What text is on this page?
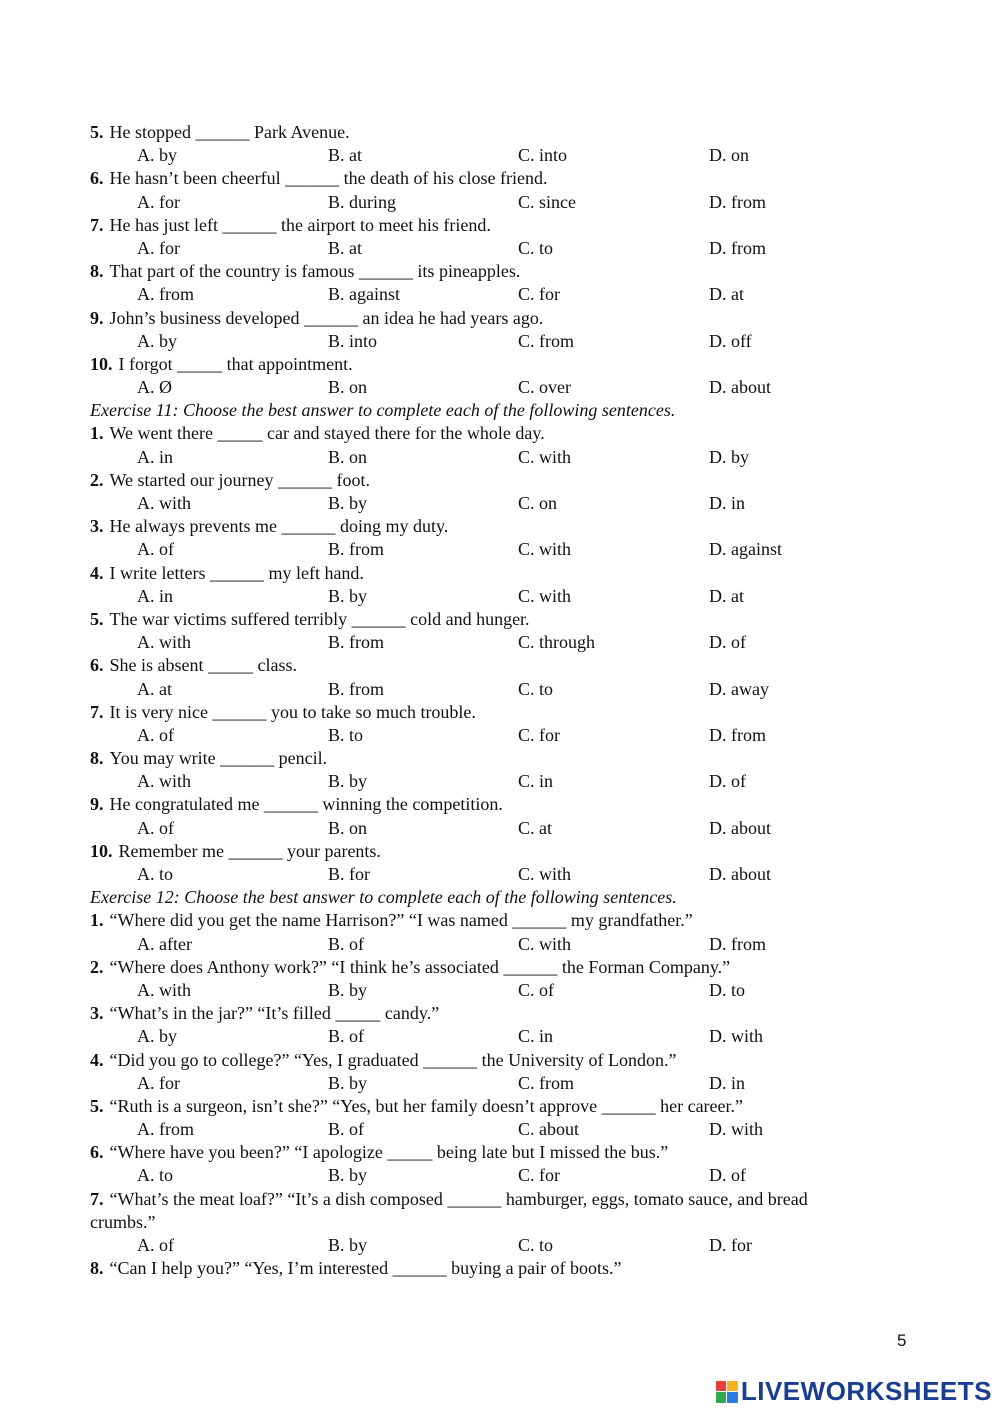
5. He stopped ______ Park Avenue.
A. by	B. at	C. into	D. on
6. He hasn’t been cheerful ______ the death of his close friend.
A. for	B. during	C. since	D. from
7. He has just left ______ the airport to meet his friend.
A. for	B. at	C. to	D. from
8. That part of the country is famous ______ its pineapples.
A. from	B. against	C. for	D. at
9. John’s business developed ______ an idea he had years ago.
A. by	B. into	C. from	D. off
10. I forgot _____ that appointment.
A. Ø	B. on	C. over	D. about
Exercise 11: Choose the best answer to complete each of the following sentences.
1. We went there _____ car and stayed there for the whole day.
A. in	B. on	C. with	D. by
2. We started our journey ______ foot.
A. with	B. by	C. on	D. in
3. He always prevents me ______ doing my duty.
A. of	B. from	C. with	D. against
4. I write letters ______ my left hand.
A. in	B. by	C. with	D. at
5. The war victims suffered terribly ______ cold and hunger.
A. with	B. from	C. through	D. of
6. She is absent _____ class.
A. at	B. from	C. to	D. away
7. It is very nice ______ you to take so much trouble.
A. of	B. to	C. for	D. from
8. You may write ______ pencil.
A. with	B. by	C. in	D. of
9. He congratulated me ______ winning the competition.
A. of	B. on	C. at	D. about
10. Remember me ______ your parents.
A. to	B. for	C. with	D. about
Exercise 12: Choose the best answer to complete each of the following sentences.
1. “Where did you get the name Harrison?” “I was named ______ my grandfather.”
A. after	B. of	C. with	D. from
2. “Where does Anthony work?” “I think he’s associated ______ the Forman Company.”
A. with	B. by	C. of	D. to
3. “What’s in the jar?” “It’s filled _____ candy.”
A. by	B. of	C. in	D. with
4. “Did you go to college?” “Yes, I graduated ______ the University of London.”
A. for	B. by	C. from	D. in
5. “Ruth is a surgeon, isn’t she?” “Yes, but her family doesn’t approve ______ her career.”
A. from	B. of	C. about	D. with
6. “Where have you been?” “I apologize _____ being late but I missed the bus.”
A. to	B. by	C. for	D. of
7. “What’s the meat loaf?” “It’s a dish composed ______ hamburger, eggs, tomato sauce, and bread
crumbs.”
A. of	B. by	C. to	D. for
8. “Can I help you?” “Yes, I’m interested ______ buying a pair of boots.”
5
LIVEWORKSHEETS
